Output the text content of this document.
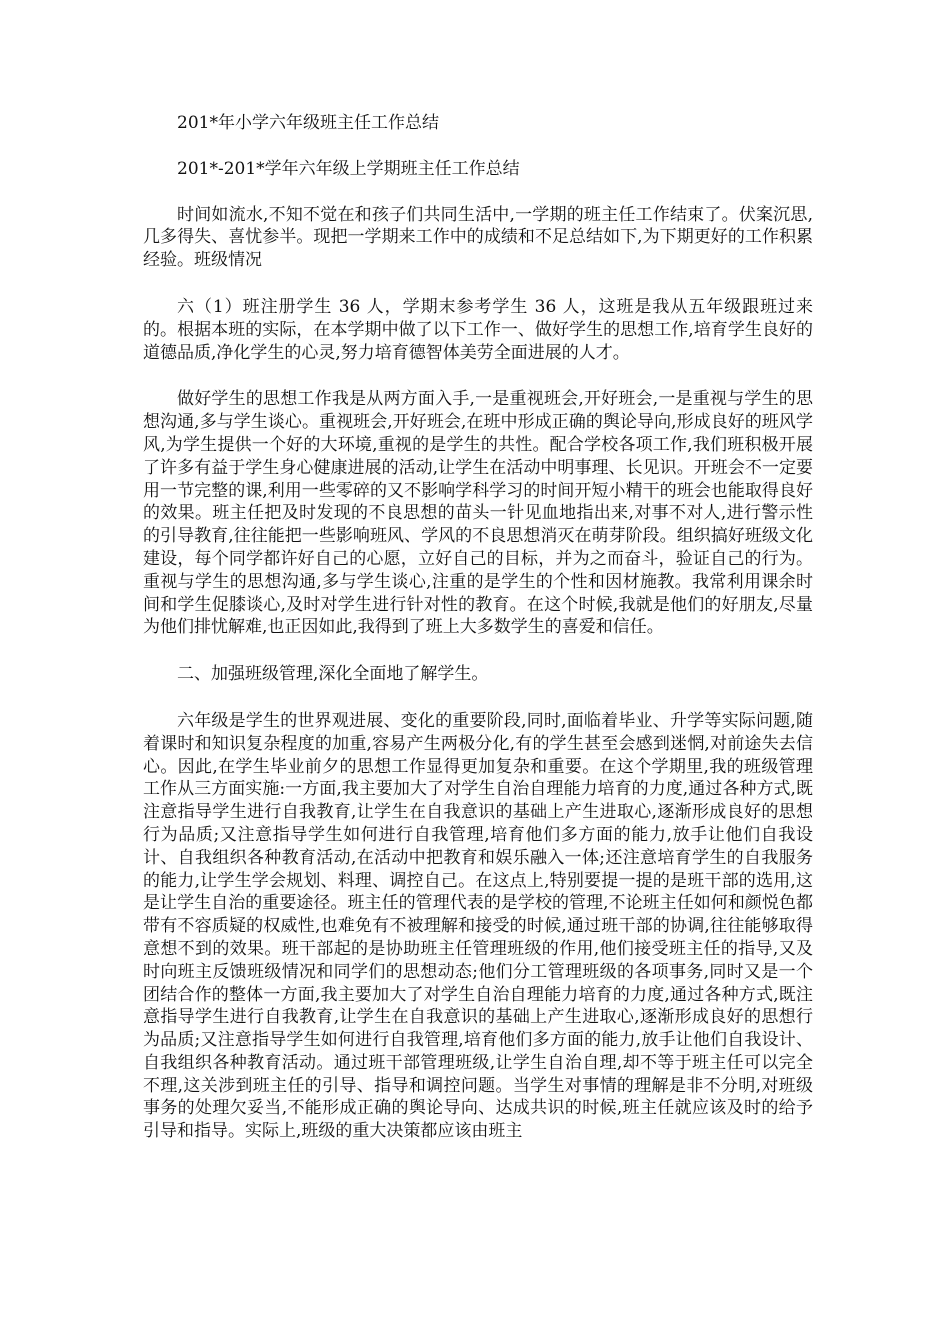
201*年小学六年级班主任工作总结

201*-201*学年六年级上学期班主任工作总结

时间如流水,不知不觉在和孩子们共同生活中,一学期的班主任工作结束了。伏案沉思,几多得失、喜忧参半。现把一学期来工作中的成绩和不足总结如下,为下期更好的工作积累经验。班级情况

六（1）班注册学生 36 人，学期末参考学生 36 人，这班是我从五年级跟班过来的。根据本班的实际，在本学期中做了以下工作一、做好学生的思想工作,培育学生良好的道德品质,净化学生的心灵,努力培育德智体美劳全面进展的人才。

做好学生的思想工作我是从两方面入手,一是重视班会,开好班会,一是重视与学生的思想沟通,多与学生谈心。重视班会,开好班会,在班中形成正确的舆论导向,形成良好的班风学风,为学生提供一个好的大环境,重视的是学生的共性。配合学校各项工作,我们班积极开展了许多有益于学生身心健康进展的活动,让学生在活动中明事理、长见识。开班会不一定要用一节完整的课,利用一些零碎的又不影响学科学习的时间开短小精干的班会也能取得良好的效果。班主任把及时发现的不良思想的苗头一针见血地指出来,对事不对人,进行警示性的引导教育,往往能把一些影响班风、学风的不良思想消灭在萌芽阶段。组织搞好班级文化建设，每个同学都许好自己的心愿，立好自己的目标，并为之而奋斗，验证自己的行为。重视与学生的思想沟通,多与学生谈心,注重的是学生的个性和因材施教。我常利用课余时间和学生促膝谈心,及时对学生进行针对性的教育。在这个时候,我就是他们的好朋友,尽量为他们排忧解难,也正因如此,我得到了班上大多数学生的喜爱和信任。

二、加强班级管理,深化全面地了解学生。

六年级是学生的世界观进展、变化的重要阶段,同时,面临着毕业、升学等实际问题,随着课时和知识复杂程度的加重,容易产生两极分化,有的学生甚至会感到迷惘,对前途失去信心。因此,在学生毕业前夕的思想工作显得更加复杂和重要。在这个学期里,我的班级管理工作从三方面实施:一方面,我主要加大了对学生自治自理能力培育的力度,通过各种方式,既注意指导学生进行自我教育,让学生在自我意识的基础上产生进取心,逐渐形成良好的思想行为品质;又注意指导学生如何进行自我管理,培育他们多方面的能力,放手让他们自我设计、自我组织各种教育活动,在活动中把教育和娱乐融入一体;还注意培育学生的自我服务的能力,让学生学会规划、料理、调控自己。在这点上,特别要提一提的是班干部的选用,这是让学生自治的重要途径。班主任的管理代表的是学校的管理,不论班主任如何和颜悦色都带有不容质疑的权威性,也难免有不被理解和接受的时候,通过班干部的协调,往往能够取得意想不到的效果。班干部起的是协助班主任管理班级的作用,他们接受班主任的指导,又及时向班主反馈班级情况和同学们的思想动态;他们分工管理班级的各项事务,同时又是一个团结合作的整体一方面,我主要加大了对学生自治自理能力培育的力度,通过各种方式,既注意指导学生进行自我教育,让学生在自我意识的基础上产生进取心,逐渐形成良好的思想行为品质;又注意指导学生如何进行自我管理,培育他们多方面的能力,放手让他们自我设计、自我组织各种教育活动。通过班干部管理班级,让学生自治自理,却不等于班主任可以完全不理,这关涉到班主任的引导、指导和调控问题。当学生对事情的理解是非不分明,对班级事务的处理欠妥当,不能形成正确的舆论导向、达成共识的时候,班主任就应该及时的给予引导和指导。实际上,班级的重大决策都应该由班主
